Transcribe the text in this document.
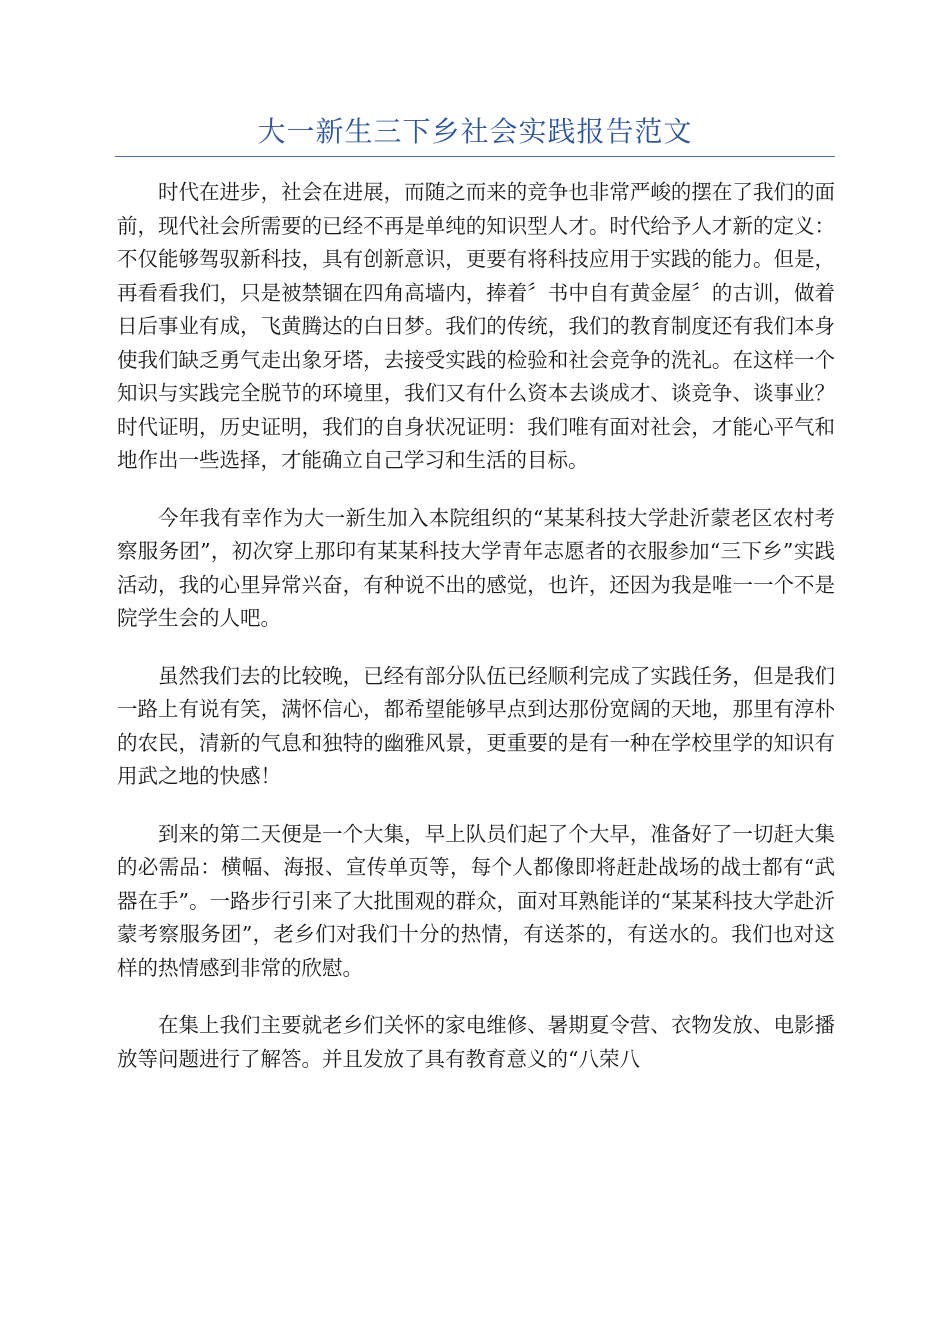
大一新生三下乡社会实践报告范文

时代在进步，社会在进展，而随之而来的竞争也非常严峻的摆在了我们的面前，现代社会所需要的已经不再是单纯的知识型人才。时代给予人才新的定义：不仅能够驾驭新科技，具有创新意识，更要有将科技应用于实践的能力。但是，再看看我们，只是被禁锢在四角高墙内，捧着〞书中自有黄金屋〞的古训，做着日后事业有成，飞黄腾达的白日梦。我们的传统，我们的教育制度还有我们本身使我们缺乏勇气走出象牙塔，去接受实践的检验和社会竞争的洗礼。在这样一个知识与实践完全脱节的环境里，我们又有什么资本去谈成才、谈竞争、谈事业？时代证明，历史证明，我们的自身状况证明：我们唯有面对社会，才能心平气和地作出一些选择，才能确立自己学习和生活的目标。

今年我有幸作为大一新生加入本院组织的“某某科技大学赴沂蒙老区农村考察服务团”，初次穿上那印有某某科技大学青年志愿者的衣服参加“三下乡”实践活动，我的心里异常兴奋，有种说不出的感觉，也许，还因为我是唯一一个不是院学生会的人吧。

虽然我们去的比较晚，已经有部分队伍已经顺利完成了实践任务，但是我们一路上有说有笑，满怀信心，都希望能够早点到达那份宽阔的天地，那里有淳朴的农民，清新的气息和独特的幽雅风景，更重要的是有一种在学校里学的知识有用武之地的快感！

到来的第二天便是一个大集，早上队员们起了个大早，准备好了一切赶大集的必需品：横幅、海报、宣传单页等，每个人都像即将赶赴战场的战士都有“武器在手”。一路步行引来了大批围观的群众，面对耳熟能详的“某某科技大学赴沂蒙考察服务团”，老乡们对我们十分的热情，有送茶的，有送水的。我们也对这样的热情感到非常的欣慰。

在集上我们主要就老乡们关怀的家电维修、暑期夏令营、衣物发放、电影播放等问题进行了解答。并且发放了具有教育意义的“八荣八
